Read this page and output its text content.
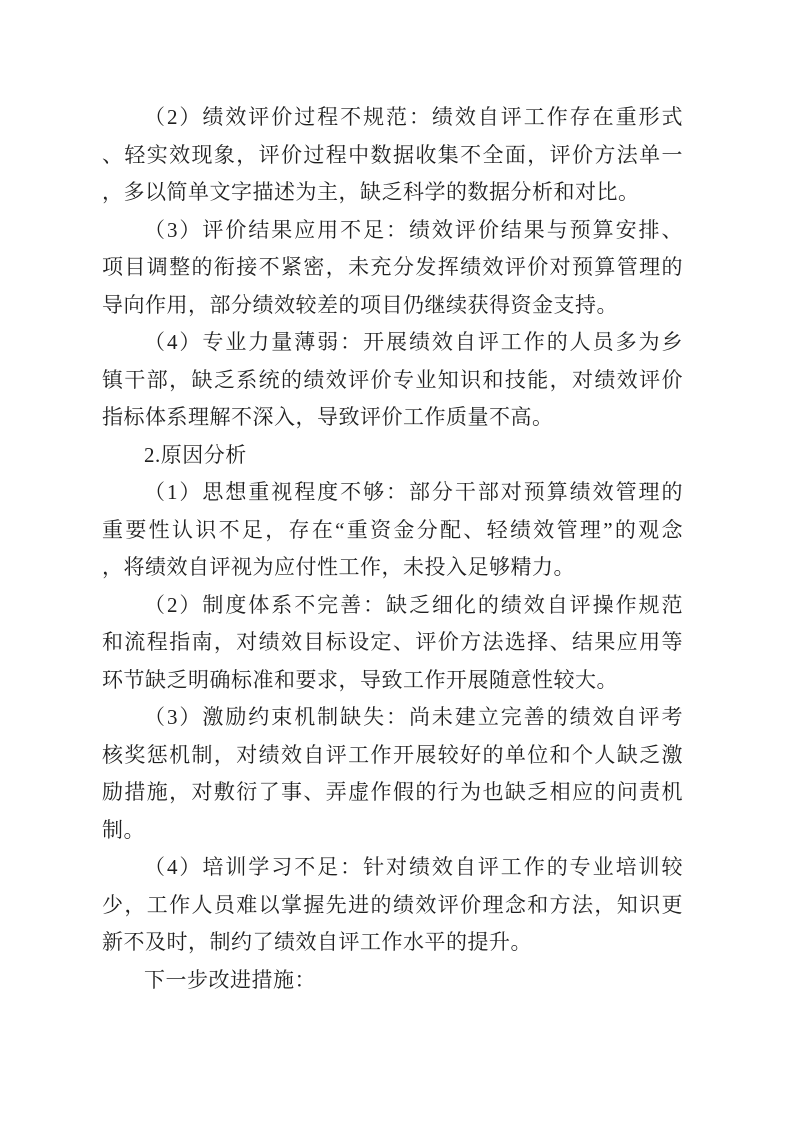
（2）绩效评价过程不规范：绩效自评工作存在重形式
、轻实效现象，评价过程中数据收集不全面，评价方法单一
，多以简单文字描述为主，缺乏科学的数据分析和对比。

（3）评价结果应用不足：绩效评价结果与预算安排、
项目调整的衔接不紧密，未充分发挥绩效评价对预算管理的
导向作用，部分绩效较差的项目仍继续获得资金支持。

（4）专业力量薄弱：开展绩效自评工作的人员多为乡
镇干部，缺乏系统的绩效评价专业知识和技能，对绩效评价
指标体系理解不深入，导致评价工作质量不高。

2.原因分析

（1）思想重视程度不够：部分干部对预算绩效管理的
重要性认识不足，存在“重资金分配、轻绩效管理”的观念
，将绩效自评视为应付性工作，未投入足够精力。

（2）制度体系不完善：缺乏细化的绩效自评操作规范
和流程指南，对绩效目标设定、评价方法选择、结果应用等
环节缺乏明确标准和要求，导致工作开展随意性较大。

（3）激励约束机制缺失：尚未建立完善的绩效自评考
核奖惩机制，对绩效自评工作开展较好的单位和个人缺乏激
励措施，对敷衍了事、弄虚作假的行为也缺乏相应的问责机
制。

（4）培训学习不足：针对绩效自评工作的专业培训较
少，工作人员难以掌握先进的绩效评价理念和方法，知识更
新不及时，制约了绩效自评工作水平的提升。

下一步改进措施：
